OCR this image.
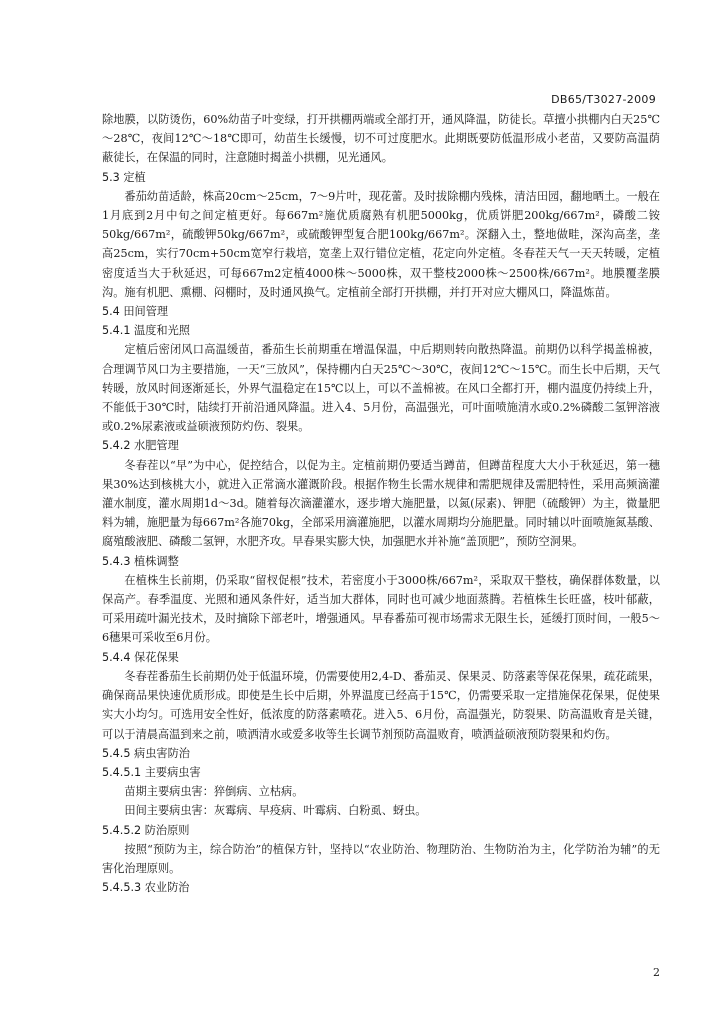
DB65/T3027-2009

除地膜，以防烫伤，60%幼苗子叶变绿，打开拱棚两端或全部打开，通风降温，防徒长。草擅小拱棚内白天25℃～28℃，夜间12℃～18℃即可，幼苗生长缓慢，切不可过度肥水。此期既要防低温形成小老苗，又要防高温荫蔽徒长，在保温的同时，注意随时揭盖小拱棚，见光通风。

5.3 定植

番茄幼苗适龄，株高20cm～25cm，7～9片叶，现花蕾。及时拔除棚内残株，清洁田园，翻地晒土。一般在1月底到2月中旬之间定植更好。每667m²施优质腐熟有机肥5000kg，优质饼肥200kg/667m²，磷酸二铵50kg/667m²，硫酸钾50kg/667m²，或硫酸钾型复合肥100kg/667m²。深翻入土，整地做畦，深沟高垄，垄高25cm，实行70cm+50cm宽窄行栽培，宽垄上双行错位定植，花定向外定植。冬春茬天气一天天转暖，定植密度适当大于秋延迟，可每667m2定植4000株～5000株，双干整枝2000株～2500株/667m²。地膜覆垄膜沟。施有机肥、熏棚、闷棚时，及时通风换气。定植前全部打开拱棚，并打开对应大棚风口，降温炼苗。

5.4 田间管理
5.4.1 温度和光照

定植后密闭风口高温缓苗，番茄生长前期重在增温保温，中后期则转向散热降温。前期仍以科学揭盖棉被，合理调节风口为主要措施，一天“三放风”，保持棚内白天25℃～30℃，夜间12℃～15℃。而生长中后期，天气转暖，放风时间逐渐延长，外界气温稳定在15℃以上，可以不盖棉被。在风口全都打开，棚内温度仍持续上升，不能低于30℃时，陆续打开前沿通风降温。进入4、5月份，高温强光，可叶面喷施清水或0.2%磷酸二氢钾溶液或0.2%尿素液或益硕液预防灼伤、裂果。

5.4.2 水肥管理

冬春茬以“早”为中心，促控结合，以促为主。定植前期仍要适当蹲苗，但蹲苗程度大大小于秋延迟，第一穗果30%达到核桃大小，就进入正常滴水灌溉阶段。根据作物生长需水规律和需肥规律及需肥特性，采用高频滴灌灌水制度，灌水周期1d～3d。随着每次滴灌灌水，逐步增大施肥量，以氮(尿素)、钾肥（硫酸钾）为主，微量肥料为辅，施肥量为每667m²各施70kg，全部采用滴灌施肥，以灌水周期均分施肥量。同时辅以叶面喷施氮基酸、腐殖酸液肥、磷酸二氢钾，水肥齐攻。早春果实膨大快，加强肥水并补施“盖顶肥”，预防空洞果。

5.4.3 植株调整

在植株生长前期，仍采取“留杈促根”技术，若密度小于3000株/667m²，采取双干整枝，确保群体数量，以保高产。春季温度、光照和通风条件好，适当加大群体，同时也可减少地面蒸腾。若植株生长旺盛，枝叶郁蔽，可采用疏叶漏光技术，及时摘除下部老叶，增强通风。早春番茄可视市场需求无限生长，延缓打顶时间，一般5～6穗果可采收至6月份。

5.4.4 保花保果

冬春茬番茄生长前期仍处于低温环境，仍需要使用2,4-D、番茄灵、保果灵、防落素等保花保果，疏花疏果，确保商品果快速优质形成。即使是生长中后期，外界温度已经高于15℃，仍需要采取一定措施保花保果，促使果实大小均匀。可选用安全性好，低浓度的防落素喷花。进入5、6月份，高温强光，防裂果、防高温败育是关键，可以于清晨高温到来之前，喷洒清水或爱多收等生长调节剂预防高温败育，喷洒益硕液预防裂果和灼伤。

5.4.5 病虫害防治
5.4.5.1 主要病虫害
苗期主要病虫害：猝倒病、立枯病。
田间主要病虫害：灰霉病、早疫病、叶霉病、白粉虱、蚜虫。
5.4.5.2 防治原则

按照“预防为主，综合防治”的植保方针，坚持以“农业防治、物理防治、生物防治为主，化学防治为辅”的无害化治理原则。

5.4.5.3 农业防治
2
